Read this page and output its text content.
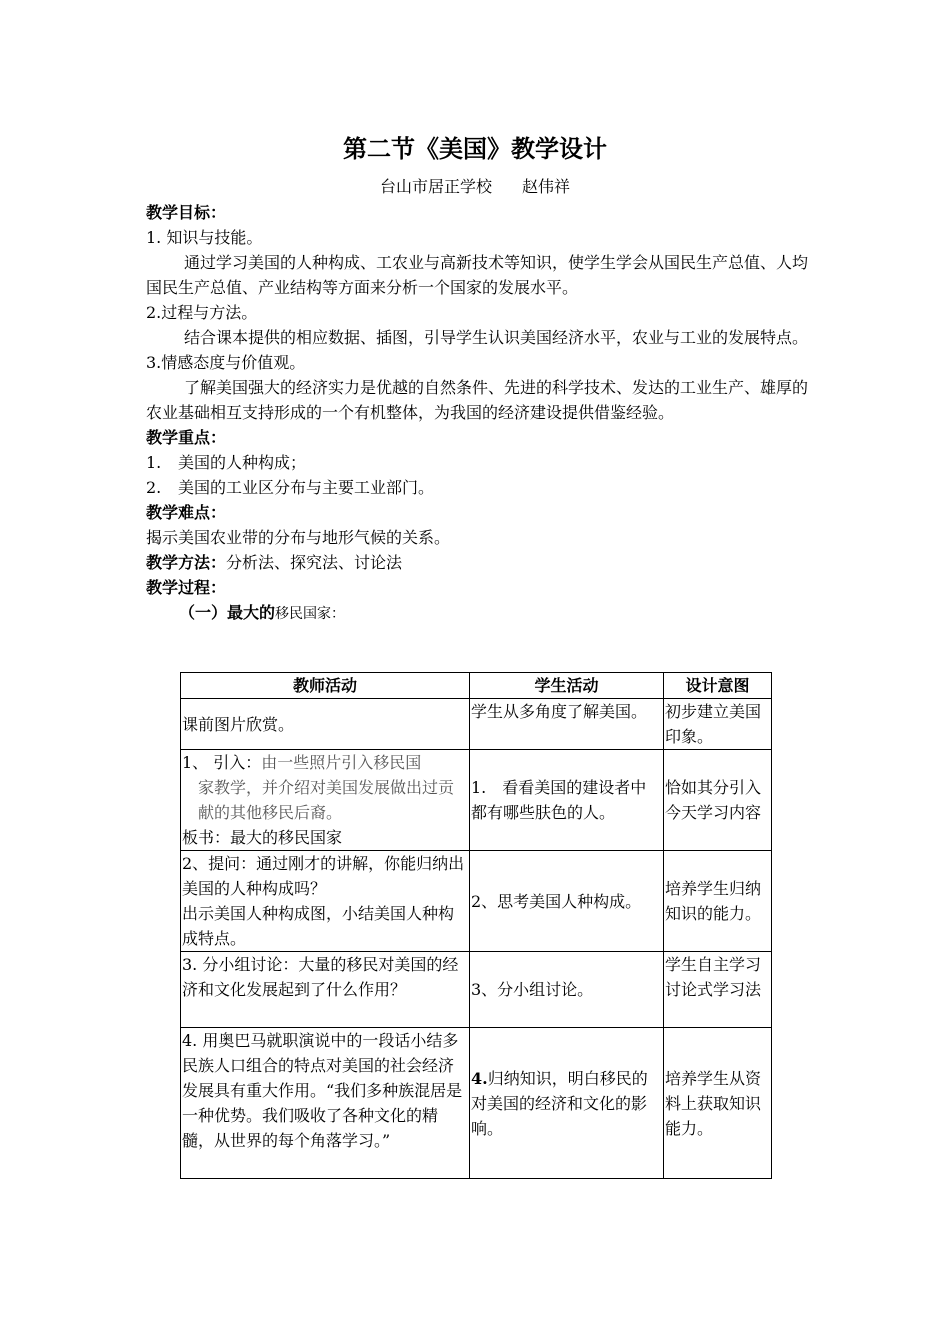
第二节《美国》教学设计
台山市居正学校 赵伟祥

教学目标：

1. 知识与技能。

通过学习美国的人种构成、工农业与高新技术等知识，使学生学会从国民生产总值、人均国民生产总值、产业结构等方面来分析一个国家的发展水平。

2.过程与方法。

结合课本提供的相应数据、插图，引导学生认识美国经济水平，农业与工业的发展特点。

3.情感态度与价值观。

了解美国强大的经济实力是优越的自然条件、先进的科学技术、发达的工业生产、雄厚的农业基础相互支持形成的一个有机整体，为我国的经济建设提供借鉴经验。

教学重点：

1.	美国的人种构成；

2.	美国的工业区分布与主要工业部门。

教学难点：

揭示美国农业带的分布与地形气候的关系。

教学方法：分析法、探究法、讨论法

教学过程：

（一）最大的移民国家：

教师活动	学生活动	设计意图
课前图片欣赏。	学生从多角度了解美国。	初步建立美国印象。

1、 引入：由一些照片引入移民国
家教学，并介绍对美国发展做出过贡献的其他移民后裔。
板书：最大的移民国家	1.　看看美国的建设者中都有哪些肤色的人。	恰如其分引入今天学习内容

2、提问：通过刚才的讲解，你能归纳出美国的人种构成吗？
出示美国人种构成图，小结美国人种构成特点。	2、思考美国人种构成。	培养学生归纳知识的能力。
3. 分小组讨论：大量的移民对美国的经济和文化发展起到了什么作用？	3、分小组讨论。	学生自主学习讨论式学习法
4. 用奥巴马就职演说中的一段话小结多民族人口组合的特点对美国的社会经济发展具有重大作用。“我们多种族混居是一种优势。我们吸收了各种文化的精髓，从世界的每个角落学习。”	4.归纳知识，明白移民的对美国的经济和文化的影响。	培养学生从资料上获取知识能力。
